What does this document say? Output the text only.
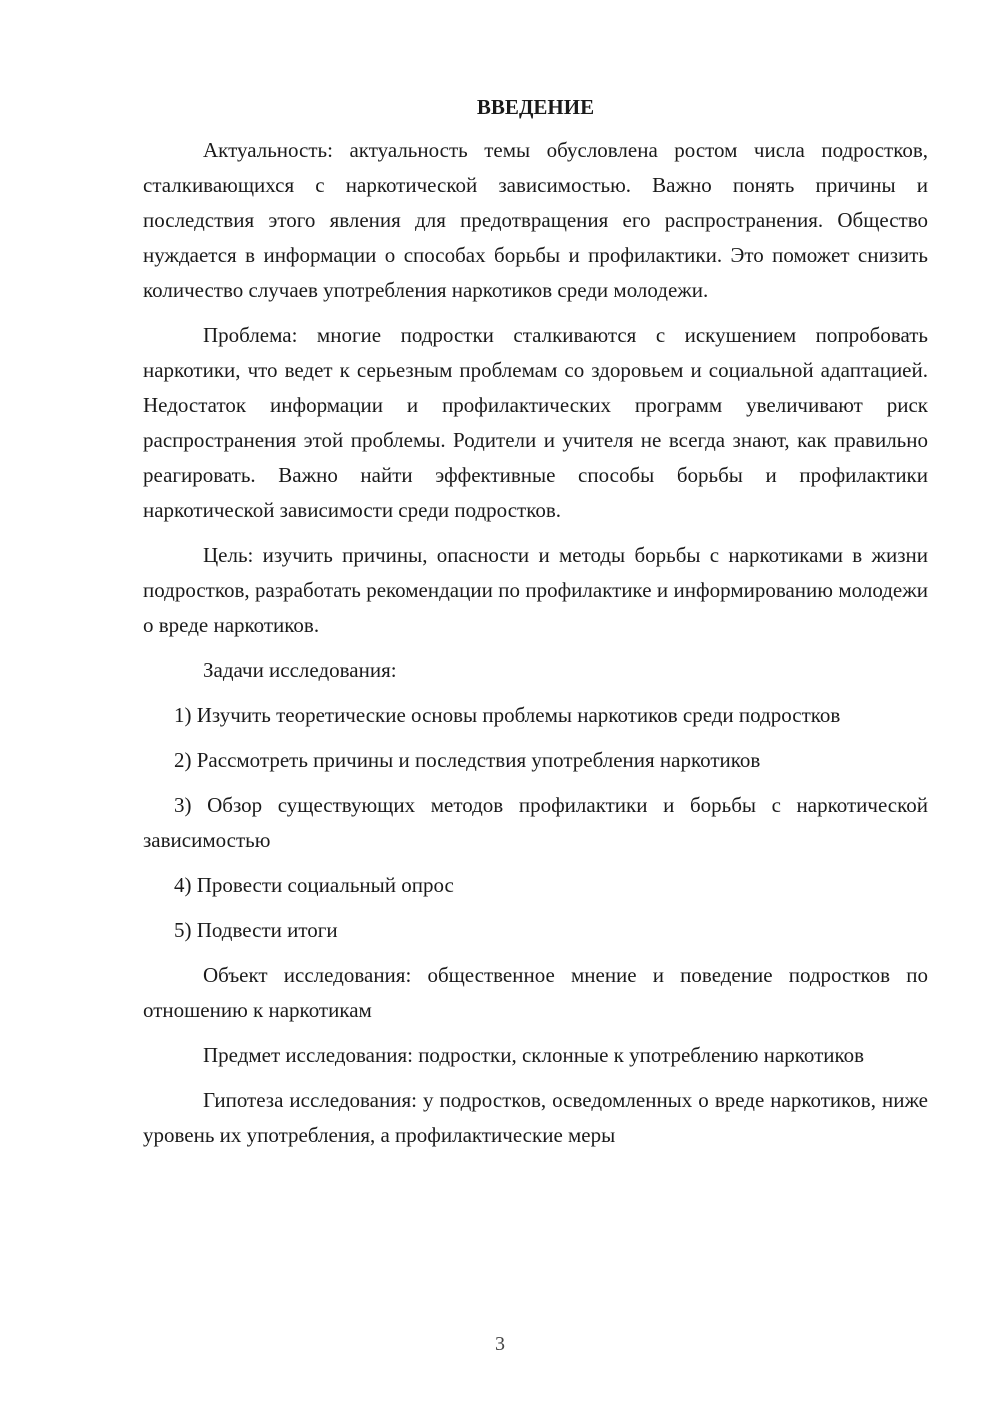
ВВЕДЕНИЕ

Актуальность: актуальность темы обусловлена ростом числа подростков, сталкивающихся с наркотической зависимостью. Важно понять причины и последствия этого явления для предотвращения его распространения. Общество нуждается в информации о способах борьбы и профилактики. Это поможет снизить количество случаев употребления наркотиков среди молодежи.

Проблема: многие подростки сталкиваются с искушением попробовать наркотики, что ведет к серьезным проблемам со здоровьем и социальной адаптацией. Недостаток информации и профилактических программ увеличивают риск распространения этой проблемы. Родители и учителя не всегда знают, как правильно реагировать. Важно найти эффективные способы борьбы и профилактики наркотической зависимости среди подростков.

Цель: изучить причины, опасности и методы борьбы с наркотиками в жизни подростков, разработать рекомендации по профилактике и информированию молодежи о вреде наркотиков.

Задачи исследования:

1) Изучить теоретические основы проблемы наркотиков среди подростков

2) Рассмотреть причины и последствия употребления наркотиков

3) Обзор существующих методов профилактики и борьбы с наркотической зависимостью

4) Провести социальный опрос

5) Подвести итоги

Объект исследования: общественное мнение и поведение подростков по отношению к наркотикам

Предмет исследования: подростки, склонные к употреблению наркотиков

Гипотеза исследования: у подростков, осведомленных о вреде наркотиков, ниже уровень их употребления, а профилактические меры

3
